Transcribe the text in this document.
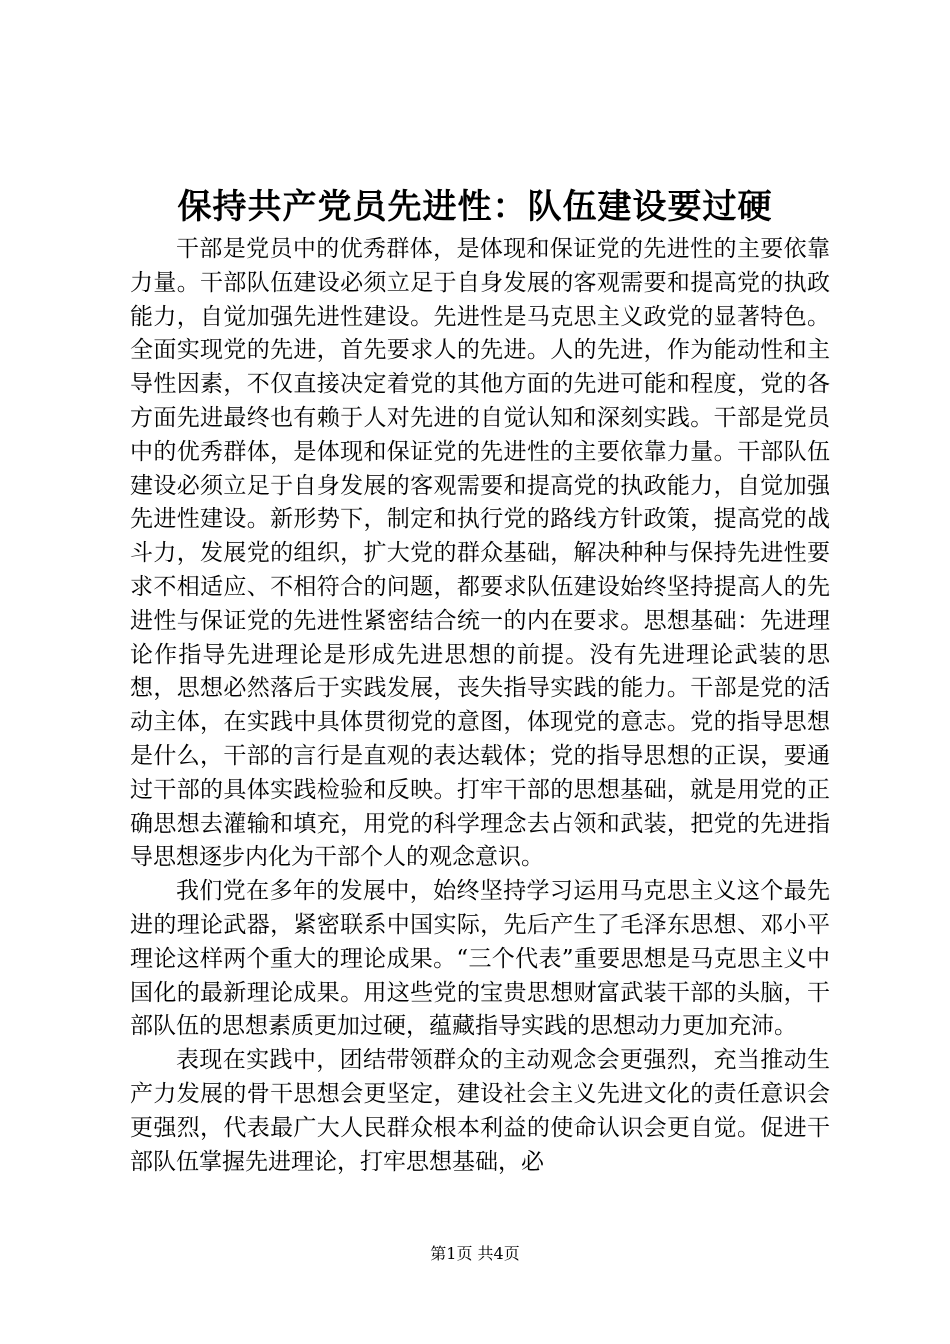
保持共产党员先进性：队伍建设要过硬

干部是党员中的优秀群体，是体现和保证党的先进性的主要依靠力量。干部队伍建设必须立足于自身发展的客观需要和提高党的执政能力，自觉加强先进性建设。先进性是马克思主义政党的显著特色。全面实现党的先进，首先要求人的先进。人的先进，作为能动性和主导性因素，不仅直接决定着党的其他方面的先进可能和程度，党的各方面先进最终也有赖于人对先进的自觉认知和深刻实践。干部是党员中的优秀群体，是体现和保证党的先进性的主要依靠力量。干部队伍建设必须立足于自身发展的客观需要和提高党的执政能力，自觉加强先进性建设。新形势下，制定和执行党的路线方针政策，提高党的战斗力，发展党的组织，扩大党的群众基础，解决种种与保持先进性要求不相适应、不相符合的问题，都要求队伍建设始终坚持提高人的先进性与保证党的先进性紧密结合统一的内在要求。思想基础：先进理论作指导先进理论是形成先进思想的前提。没有先进理论武装的思想，思想必然落后于实践发展，丧失指导实践的能力。干部是党的活动主体，在实践中具体贯彻党的意图，体现党的意志。党的指导思想是什么，干部的言行是直观的表达载体；党的指导思想的正误，要通过干部的具体实践检验和反映。打牢干部的思想基础，就是用党的正确思想去灌输和填充，用党的科学理念去占领和武装，把党的先进指导思想逐步内化为干部个人的观念意识。

我们党在多年的发展中，始终坚持学习运用马克思主义这个最先进的理论武器，紧密联系中国实际，先后产生了毛泽东思想、邓小平理论这样两个重大的理论成果。“三个代表”重要思想是马克思主义中国化的最新理论成果。用这些党的宝贵思想财富武装干部的头脑，干部队伍的思想素质更加过硬，蕴藏指导实践的思想动力更加充沛。

表现在实践中，团结带领群众的主动观念会更强烈，充当推动生产力发展的骨干思想会更坚定，建设社会主义先进文化的责任意识会更强烈，代表最广大人民群众根本利益的使命认识会更自觉。促进干部队伍掌握先进理论，打牢思想基础，必

第1页 共4页
